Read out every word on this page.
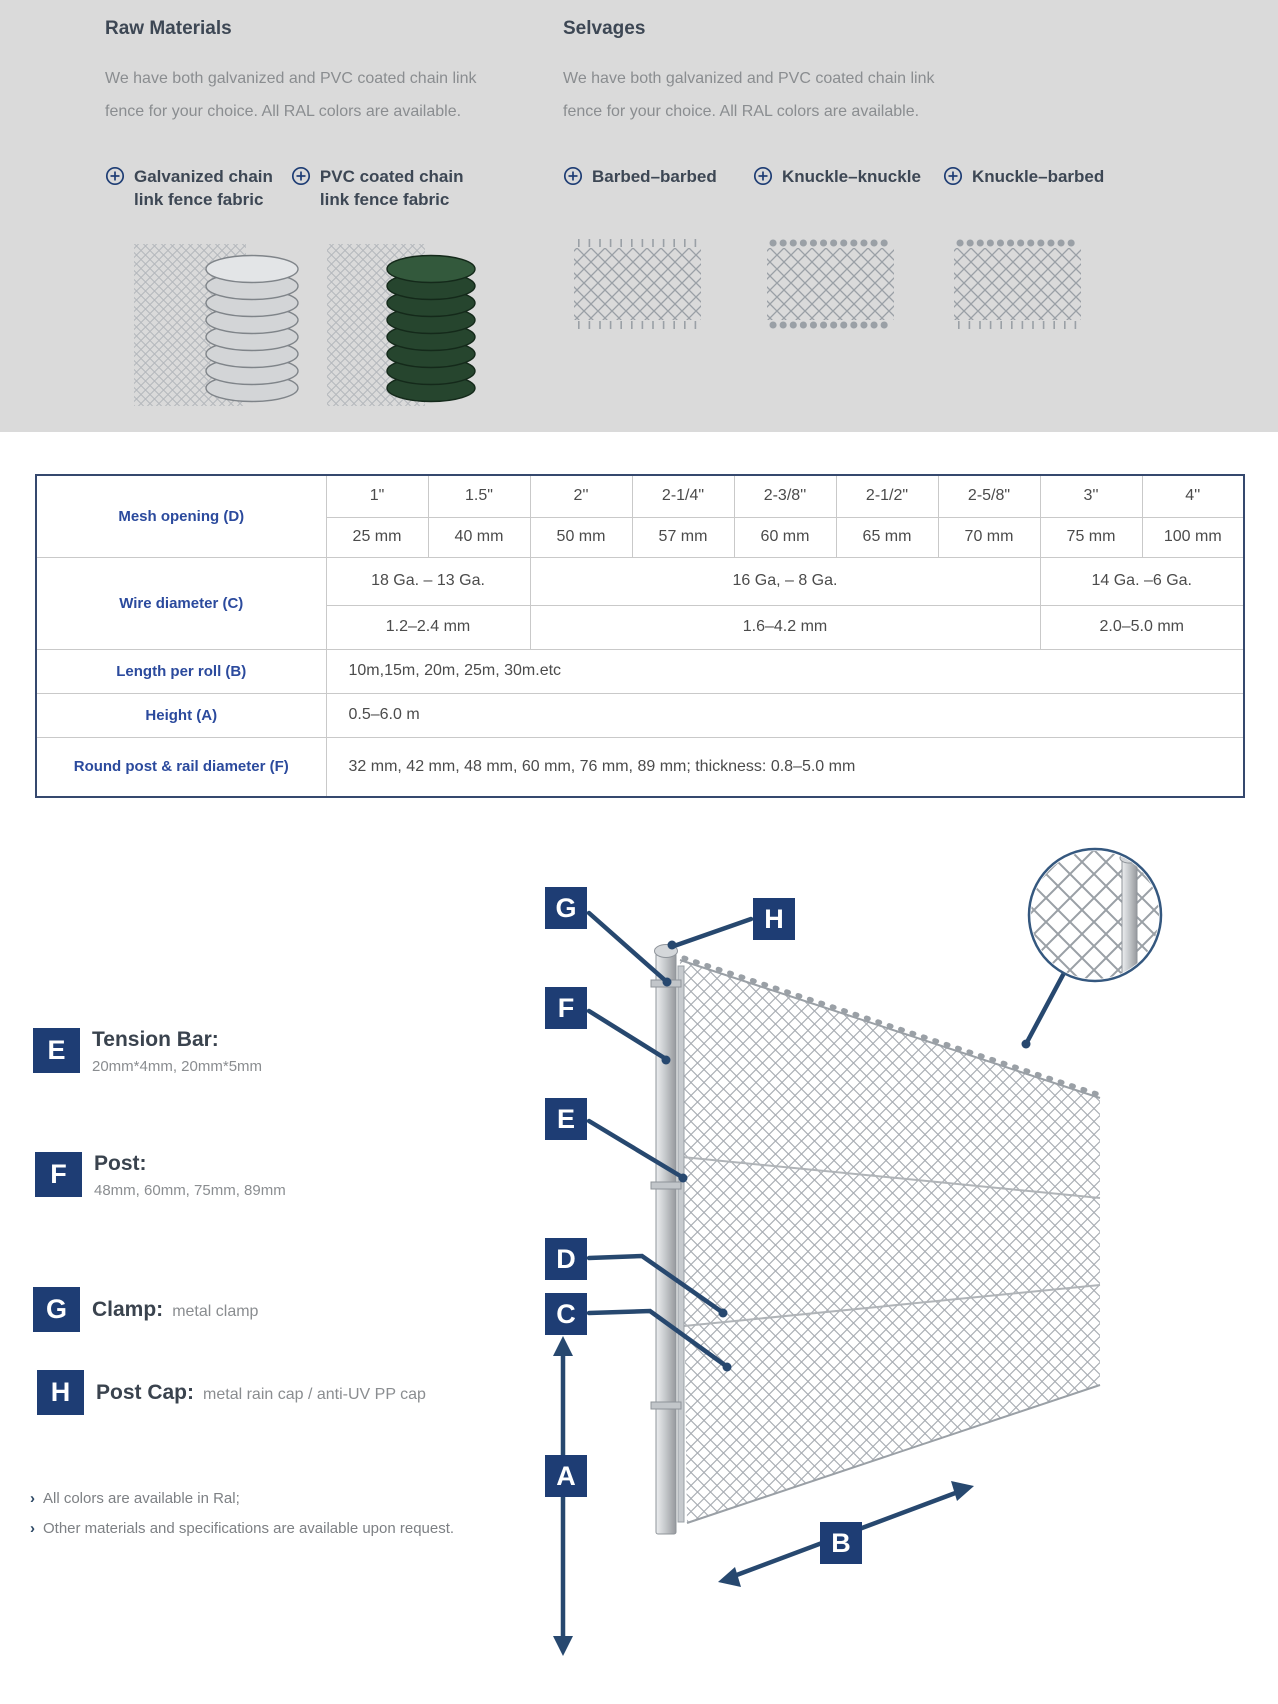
Raw Materials

We have both galvanized and PVC coated chain link
fence for your choice. All RAL colors are available.

Galvanized chain
link fence fabric
PVC coated chain
link fence fabric
Selvages

We have both galvanized and PVC coated chain link
fence for your choice. All RAL colors are available.

Barbed–barbed	Knuckle–knuckle	Knuckle–barbed
Mesh opening (D)	1"	1.5"	2''	2-1/4"	2-3/8''	2-1/2"	2-5/8"	3''	4''
	25 mm	40 mm	50 mm	57 mm	60 mm	65 mm	70 mm	75 mm	100 mm
Wire diameter (C)	18 Ga. – 13 Ga.		16 Ga, – 8 Ga.					14 Ga. –6 Ga.	
	1.2–2.4 mm		1.6–4.2 mm					2.0–5.0 mm	
Length per roll (B)	10m,15m, 20m, 25m, 30m.etc								
Height (A)	0.5–6.0 m								
Round post & rail diameter (F)	32 mm, 42 mm, 48 mm, 60 mm, 76 mm, 89 mm; thickness: 0.8–5.0 mm								
E	Tension Bar:
20mm*4mm, 20mm*5mm
F	Post:
48mm, 60mm, 75mm, 89mm
G	Clamp: metal clamp
H	Post Cap: metal rain cap / anti-UV PP cap
› All colors are available in Ral;
› Other materials and specifications are available upon request.
G	H
F
E
D
C
A
B
